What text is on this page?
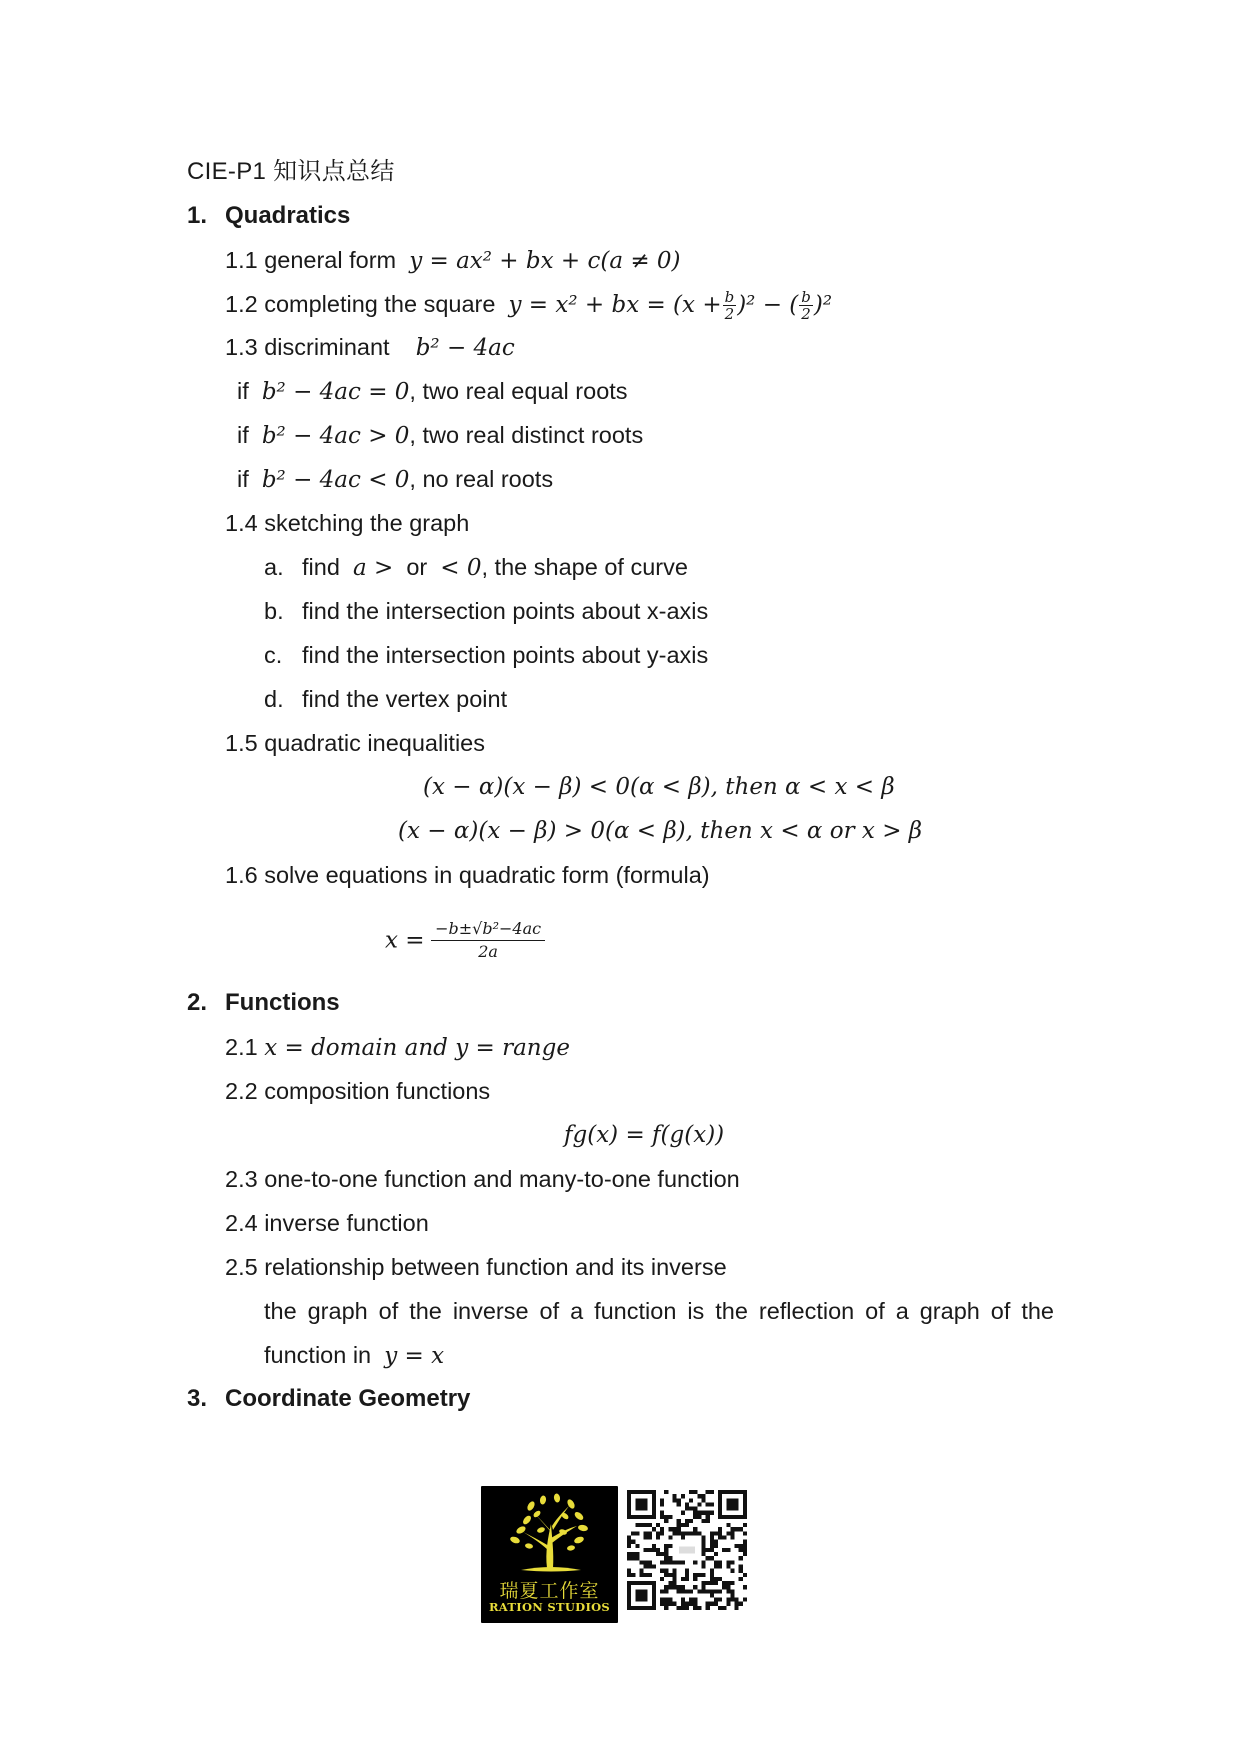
CIE-P1 知识点总结
1. Quadratics
1.1 general form y = ax² + bx + c(a ≠ 0)
1.2 completing the square y = x² + bx = $(x + \frac{b}{2} )^2$ − ( $\frac{b}{2} )^2$
1.3 discriminant b² − 4ac
if b² − 4ac = 0, two real equal roots
if b² − 4ac > 0, two real distinct roots
if b² − 4ac < 0, no real roots
1.4 sketching the graph
a. find a > or < 0, the shape of curve
b. find the intersection points about x-axis
c. find the intersection points about y-axis
d. find the vertex point
1.5 quadratic inequalities
(x − α)(x − β) < 0(α < β), then α < x < β
(x − α)(x − β) > 0(α < β), then x < α or x > β
1.6 solve equations in quadratic form (formula)
$x = \frac{\text{−b±√b²−4ac}}{2a}$
2. Functions
2.1 x = domain and y = range
2.2 composition functions
fg(x) = f(g(x))
2.3 one-to-one function and many-to-one function
2.4 inverse function
2.5 relationship between function and its inverse
the graph of the inverse of a function is the reflection of a graph of the
function in y = x
3. Coordinate Geometry
瑞夏工作室
RATION STUDIOS
